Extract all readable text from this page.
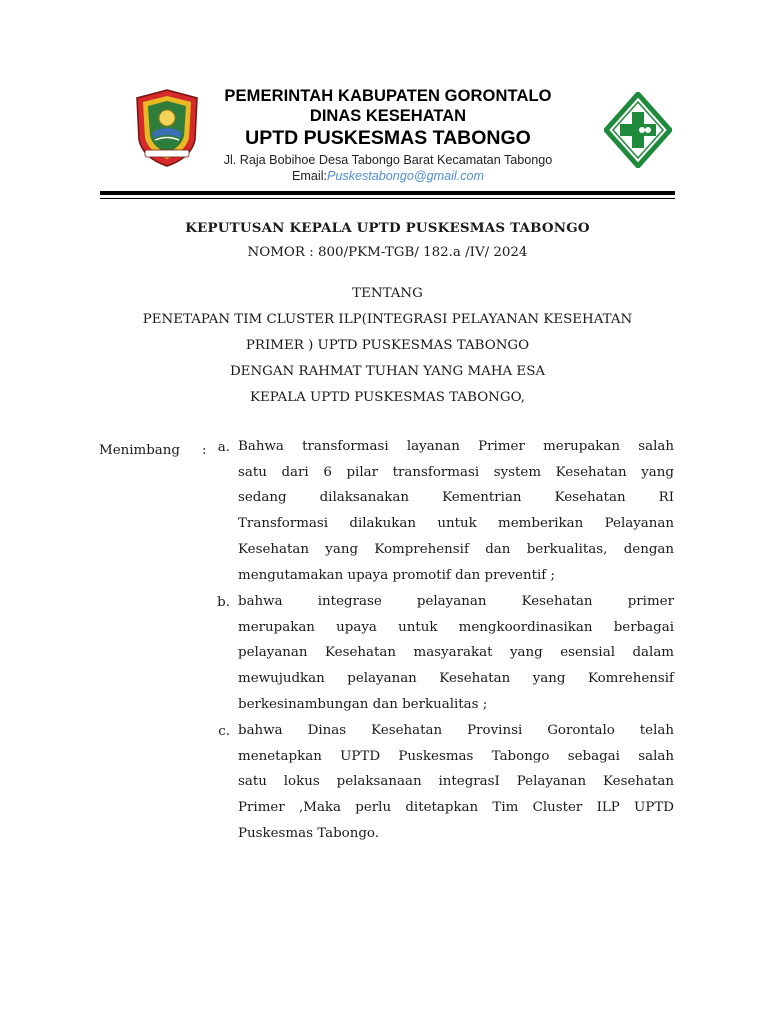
PEMERINTAH KABUPATEN GORONTALO
DINAS KESEHATAN
UPTD PUSKESMAS TABONGO
Jl. Raja Bobihoe Desa Tabongo Barat Kecamatan Tabongo
Email:Puskestabongo@gmail.com
KEPUTUSAN KEPALA UPTD PUSKESMAS TABONGO
NOMOR : 800/PKM-TGB/ 182.a /IV/ 2024
TENTANG
PENETAPAN TIM CLUSTER ILP(INTEGRASI PELAYANAN KESEHATAN
PRIMER ) UPTD PUSKESMAS TABONGO
DENGAN RAHMAT TUHAN YANG MAHA ESA
KEPALA UPTD PUSKESMAS TABONGO,
Menimbang : a. Bahwa transformasi layanan Primer merupakan salah
satu dari 6 pilar transformasi system Kesehatan yang
sedang dilaksanakan Kementrian Kesehatan RI
Transformasi dilakukan untuk memberikan Pelayanan
Kesehatan yang Komprehensif dan berkualitas, dengan
mengutamakan upaya promotif dan preventif ;
b. bahwa integrase pelayanan Kesehatan primer
merupakan upaya untuk mengkoordinasikan berbagai
pelayanan Kesehatan masyarakat yang esensial dalam
mewujudkan pelayanan Kesehatan yang Komrehensif
berkesinambungan dan berkualitas ;
c. bahwa Dinas Kesehatan Provinsi Gorontalo telah
menetapkan UPTD Puskesmas Tabongo sebagai salah
satu lokus pelaksanaan integrasI Pelayanan Kesehatan
Primer ,Maka perlu ditetapkan Tim Cluster ILP UPTD
Puskesmas Tabongo.
